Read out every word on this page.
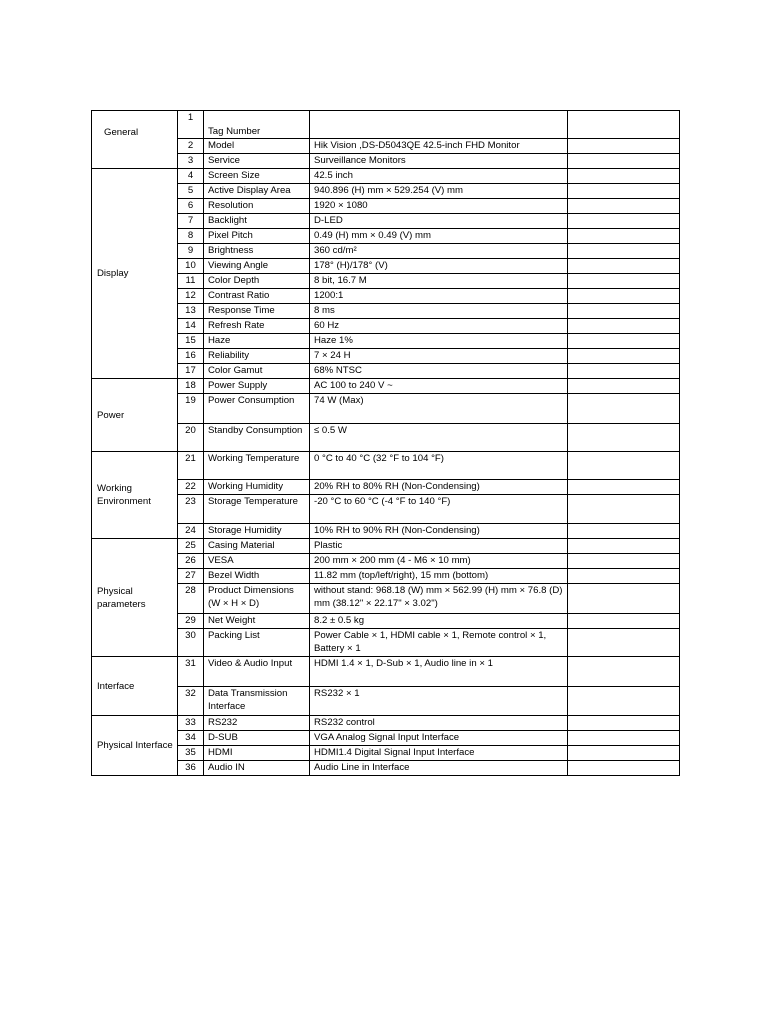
General	1	Tag Number		
	2	Model	Hik Vision ,DS-D5043QE 42.5-inch FHD Monitor	
	3	Service	Surveillance Monitors	
Display	4	Screen Size	42.5 inch	
	5	Active Display Area	940.896 (H) mm × 529.254 (V) mm	
	6	Resolution	1920 × 1080	
	7	Backlight	D-LED	
	8	Pixel Pitch	0.49 (H) mm × 0.49 (V) mm	
	9	Brightness	360 cd/m²	
	10	Viewing Angle	178° (H)/178° (V)	
	11	Color Depth	8 bit, 16.7 M	
	12	Contrast Ratio	1200:1	
	13	Response Time	8 ms	
	14	Refresh Rate	60 Hz	
	15	Haze	Haze 1%	
	16	Reliability	7 × 24 H	
	17	Color Gamut	68% NTSC	
Power	18	Power Supply	AC 100 to 240 V ~	
	19	Power Consumption	74 W (Max)	
	20	Standby Consumption	≤ 0.5 W	
Working Environment	21	Working Temperature	0 °C to 40 °C (32 °F to 104 °F)	
	22	Working Humidity	20% RH to 80% RH (Non-Condensing)	
	23	Storage Temperature	-20 °C to 60 °C (-4 °F to 140 °F)	
	24	Storage Humidity	10% RH to 90% RH (Non-Condensing)	
Physical parameters	25	Casing Material	Plastic	
	26	VESA	200 mm × 200 mm (4 - M6 × 10 mm)	
	27	Bezel Width	11.82 mm (top/left/right), 15 mm (bottom)	
	28	Product Dimensions (W × H × D)	without stand: 968.18 (W) mm × 562.99 (H) mm × 76.8 (D) mm (38.12" × 22.17" × 3.02")	
	29	Net Weight	8.2 ± 0.5 kg	
	30	Packing List	Power Cable × 1, HDMI cable × 1, Remote control × 1, Battery × 1	
Interface	31	Video & Audio Input	HDMI 1.4 × 1, D-Sub × 1, Audio line in × 1	
	32	Data Transmission Interface	RS232 × 1	
Physical Interface	33	RS232	RS232 control	
	34	D-SUB	VGA Analog Signal Input Interface	
	35	HDMI	HDMI1.4 Digital Signal Input Interface	
	36	Audio IN	Audio Line in Interface	
